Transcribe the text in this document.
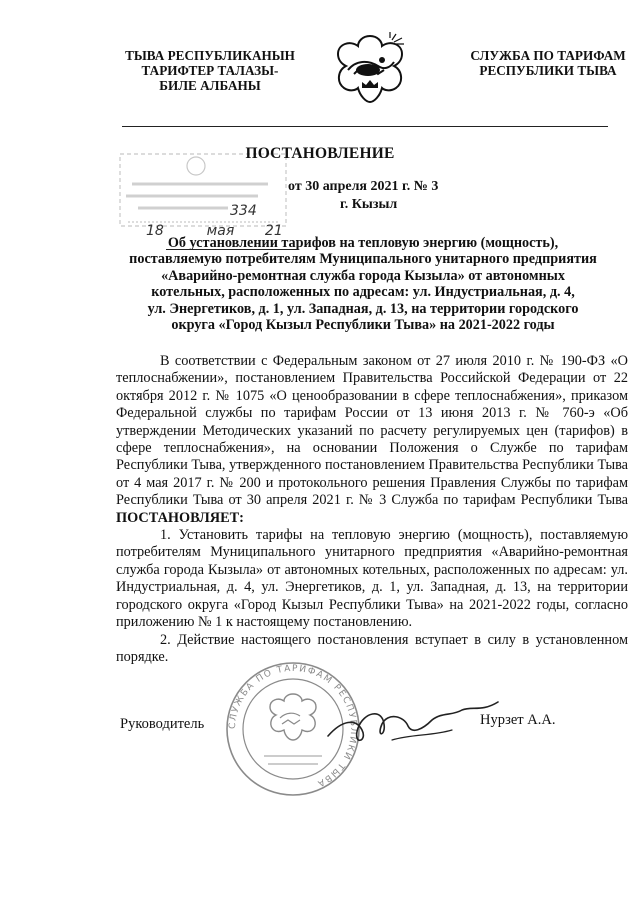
ТЫВА РЕСПУБЛИКАНЫН
ТАРИФТЕР ТАЛАЗЫ-
БИЛЕ АЛБАНЫ
СЛУЖБА ПО ТАРИФАМ
РЕСПУБЛИКИ ТЫВА
334
18	мая 21
ПОСТАНОВЛЕНИЕ
от 30 апреля 2021 г. № 3
г. Кызыл
Об установлении тарифов на тепловую энергию (мощность),
поставляемую потребителям Муниципального унитарного предприятия
«Аварийно-ремонтная служба города Кызыла» от автономных
котельных, расположенных по адресам: ул. Индустриальная, д. 4,
ул. Энергетиков, д. 1, ул. Западная, д. 13, на территории городского
округа «Город Кызыл Республики Тыва» на 2021-2022 годы

В соответствии с Федеральным законом от 27 июля 2010 г. № 190-ФЗ «О теплоснабжении», постановлением Правительства Российской Федерации от 22 октября 2012 г. № 1075 «О ценообразовании в сфере теплоснабжения», приказом Федеральной службы по тарифам России от 13 июня 2013 г. № 760-э «Об утверждении Методических указаний по расчету регулируемых цен (тарифов) в сфере теплоснабжения», на основании Положения о Службе по тарифам Республики Тыва, утвержденного постановлением Правительства Республики Тыва от 4 мая 2017 г. № 200 и протокольного решения Правления Службы по тарифам Республики Тыва от 30 апреля 2021 г. № 3 Служба по тарифам Республики Тыва ПОСТАНОВЛЯЕТ:

1. Установить тарифы на тепловую энергию (мощность), поставляемую потребителям Муниципального унитарного предприятия «Аварийно-ремонтная служба города Кызыла» от автономных котельных, расположенных по адресам: ул. Индустриальная, д. 4, ул. Энергетиков, д. 1, ул. Западная, д. 13, на территории городского округа «Город Кызыл Республики Тыва» на 2021-2022 годы, согласно приложению № 1 к настоящему постановлению.

2. Действие настоящего постановления вступает в силу в установленном порядке.

СЛУЖБА ПО ТАРИФАМ РЕСПУБЛИКИ ТЫВА
Руководитель	Нурзет А.А.
